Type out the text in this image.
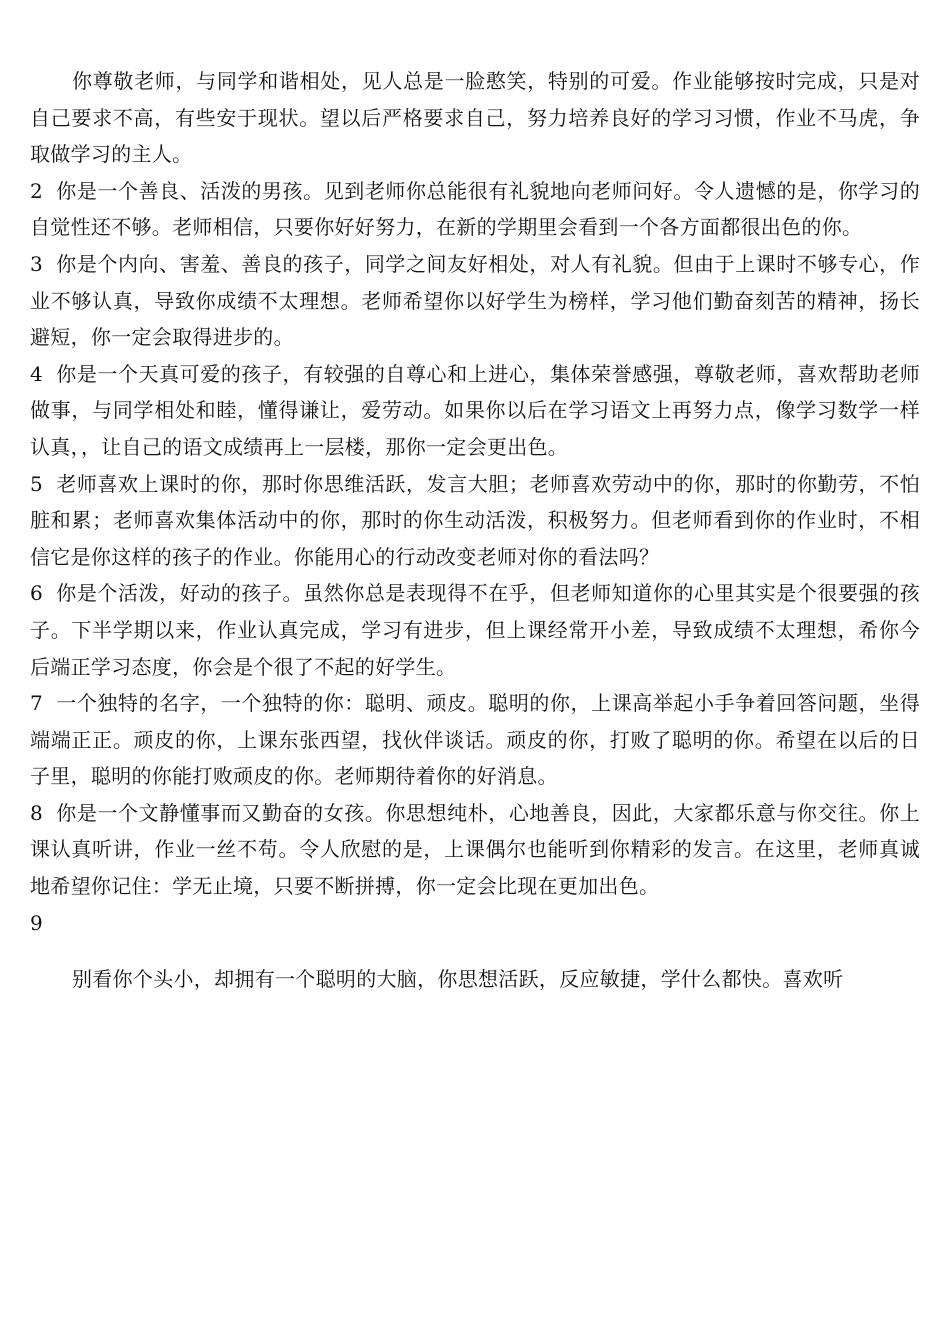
你尊敬老师，与同学和谐相处，见人总是一脸憨笑，特别的可爱。作业能够按时完成，只是对自己要求不高，有些安于现状。望以后严格要求自己，努力培养良好的学习习惯，作业不马虎，争取做学习的主人。

2 你是一个善良、活泼的男孩。见到老师你总能很有礼貌地向老师问好。令人遗憾的是，你学习的自觉性还不够。老师相信，只要你好好努力，在新的学期里会看到一个各方面都很出色的你。

3 你是个内向、害羞、善良的孩子，同学之间友好相处，对人有礼貌。但由于上课时不够专心，作业不够认真，导致你成绩不太理想。老师希望你以好学生为榜样，学习他们勤奋刻苦的精神，扬长避短，你一定会取得进步的。

4 你是一个天真可爱的孩子，有较强的自尊心和上进心，集体荣誉感强，尊敬老师，喜欢帮助老师做事，与同学相处和睦，懂得谦让，爱劳动。如果你以后在学习语文上再努力点，像学习数学一样认真，，让自己的语文成绩再上一层楼，那你一定会更出色。

5 老师喜欢上课时的你，那时你思维活跃，发言大胆；老师喜欢劳动中的你，那时的你勤劳，不怕脏和累；老师喜欢集体活动中的你，那时的你生动活泼，积极努力。但老师看到你的作业时，不相信它是你这样的孩子的作业。你能用心的行动改变老师对你的看法吗？

6 你是个活泼，好动的孩子。虽然你总是表现得不在乎，但老师知道你的心里其实是个很要强的孩子。下半学期以来，作业认真完成，学习有进步，但上课经常开小差，导致成绩不太理想，希你今后端正学习态度，你会是个很了不起的好学生。

7 一个独特的名字，一个独特的你：聪明、顽皮。聪明的你，上课高举起小手争着回答问题，坐得端端正正。顽皮的你，上课东张西望，找伙伴谈话。顽皮的你，打败了聪明的你。希望在以后的日子里，聪明的你能打败顽皮的你。老师期待着你的好消息。

8 你是一个文静懂事而又勤奋的女孩。你思想纯朴，心地善良，因此，大家都乐意与你交往。你上课认真听讲，作业一丝不苟。令人欣慰的是，上课偶尔也能听到你精彩的发言。在这里，老师真诚地希望你记住：学无止境，只要不断拼搏，你一定会比现在更加出色。

9

别看你个头小，却拥有一个聪明的大脑，你思想活跃，反应敏捷，学什么都快。喜欢听
